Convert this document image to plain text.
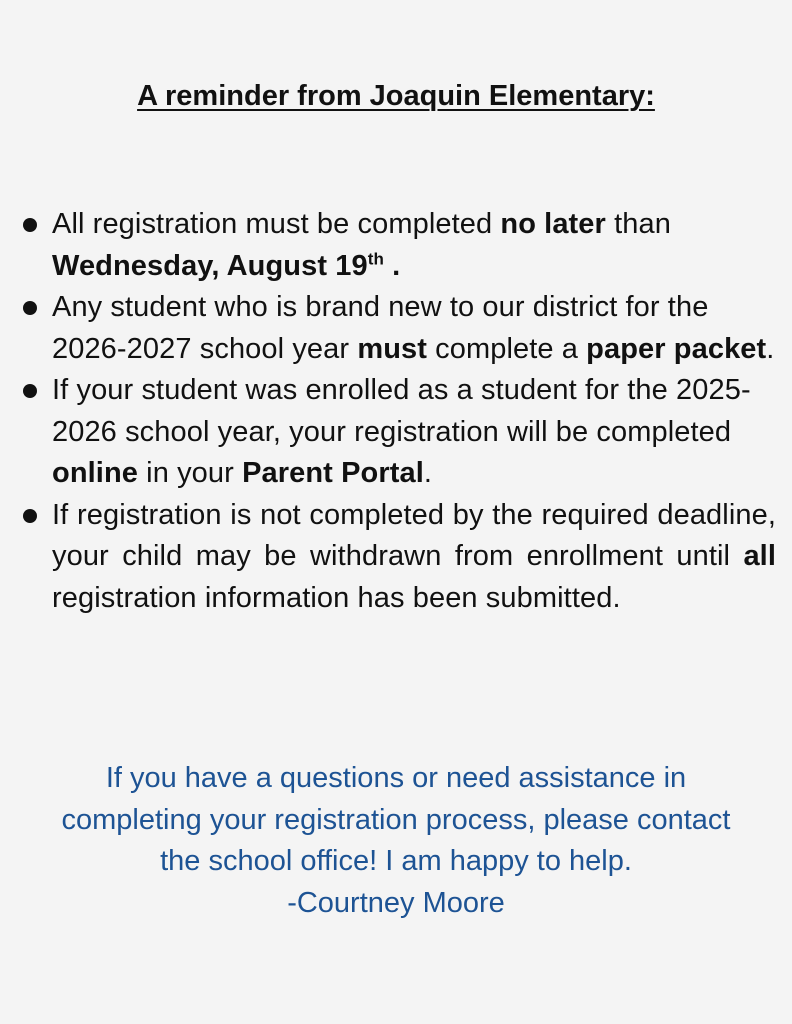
A reminder from Joaquin Elementary:
All registration must be completed no later than
Wednesday, August 19th .
Any student who is brand new to our district for the 2026-2027 school year must complete a paper packet.
If your student was enrolled as a student for the 2025-2026 school year, your registration will be completed online in your Parent Portal.
If registration is not completed by the required deadline, your child may be withdrawn from enrollment until all registration information has been submitted.
If you have a questions or need assistance in
completing your registration process, please contact
the school office! I am happy to help.
-Courtney Moore
